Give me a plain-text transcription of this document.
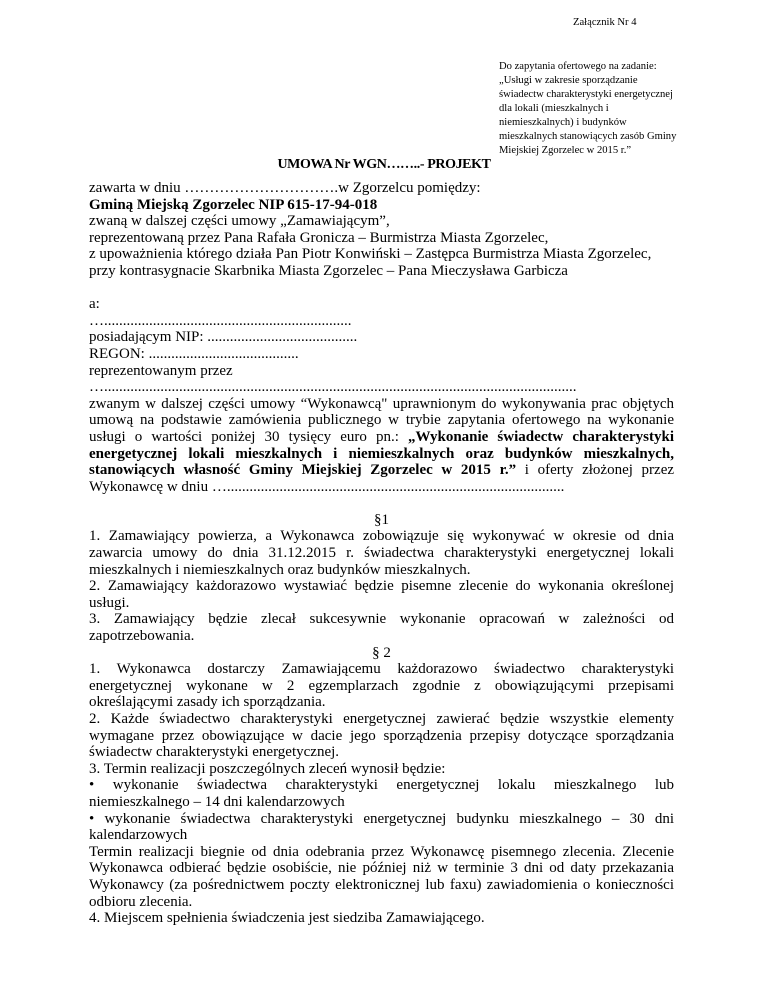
Załącznik Nr 4
Do zapytania ofertowego na zadanie:
„Usługi w zakresie sporządzanie
świadectw charakterystyki energetycznej
dla lokali (mieszkalnych i
niemieszkalnych) i budynków
mieszkalnych stanowiących zasób Gminy
Miejskiej Zgorzelec w 2015 r.”
UMOWA Nr WGN……..- PROJEKT
zawarta w dniu ………………………….w Zgorzelcu pomiędzy:
Gminą Miejską Zgorzelec NIP 615-17-94-018
zwaną w dalszej części umowy „Zamawiającym”,
reprezentowaną przez Pana Rafała Gronicza – Burmistrza Miasta Zgorzelec,
z upoważnienia którego działa Pan Piotr Konwiński – Zastępca Burmistrza Miasta Zgorzelec,
przy kontrasygnacie Skarbnika Miasta Zgorzelec – Pana Mieczysława Garbicza
a:
…..................................................................
posiadającym NIP: ........................................
REGON: ........................................
reprezentowanym przez
…..............................................................................................................................
zwanym w dalszej części umowy “Wykonawcą" uprawnionym do wykonywania prac objętych umową na podstawie zamówienia publicznego w trybie zapytania ofertowego na wykonanie usługi o wartości poniżej 30 tysięcy euro pn.: „Wykonanie świadectw charakterystyki energetycznej lokali mieszkalnych i niemieszkalnych oraz budynków mieszkalnych, stanowiących własność Gminy Miejskiej Zgorzelec w 2015 r.” i oferty złożonej przez Wykonawcę w dniu …..........................................................................................
§1
1. Zamawiający powierza, a Wykonawca zobowiązuje się wykonywać w okresie od dnia zawarcia umowy do dnia 31.12.2015 r. świadectwa charakterystyki energetycznej lokali mieszkalnych i niemieszkalnych oraz budynków mieszkalnych.
2. Zamawiający każdorazowo wystawiać będzie pisemne zlecenie do wykonania określonej usługi.
3. Zamawiający będzie zlecał sukcesywnie wykonanie opracowań w zależności od zapotrzebowania.
§ 2
1. Wykonawca dostarczy Zamawiającemu każdorazowo świadectwo charakterystyki energetycznej wykonane w 2 egzemplarzach zgodnie z obowiązującymi przepisami określającymi zasady ich sporządzania.
2. Każde świadectwo charakterystyki energetycznej zawierać będzie wszystkie elementy wymagane przez obowiązujące w dacie jego sporządzenia przepisy dotyczące sporządzania świadectw charakterystyki energetycznej.
3. Termin realizacji poszczególnych zleceń wynosił będzie:
• wykonanie świadectwa charakterystyki energetycznej lokalu mieszkalnego lub niemieszkalnego – 14 dni kalendarzowych
• wykonanie świadectwa charakterystyki energetycznej budynku mieszkalnego – 30 dni kalendarzowych
Termin realizacji biegnie od dnia odebrania przez Wykonawcę pisemnego zlecenia. Zlecenie Wykonawca odbierać będzie osobiście, nie później niż w terminie 3 dni od daty przekazania Wykonawcy (za pośrednictwem poczty elektronicznej lub faxu) zawiadomienia o konieczności odbioru zlecenia.
4. Miejscem spełnienia świadczenia jest siedziba Zamawiającego.
